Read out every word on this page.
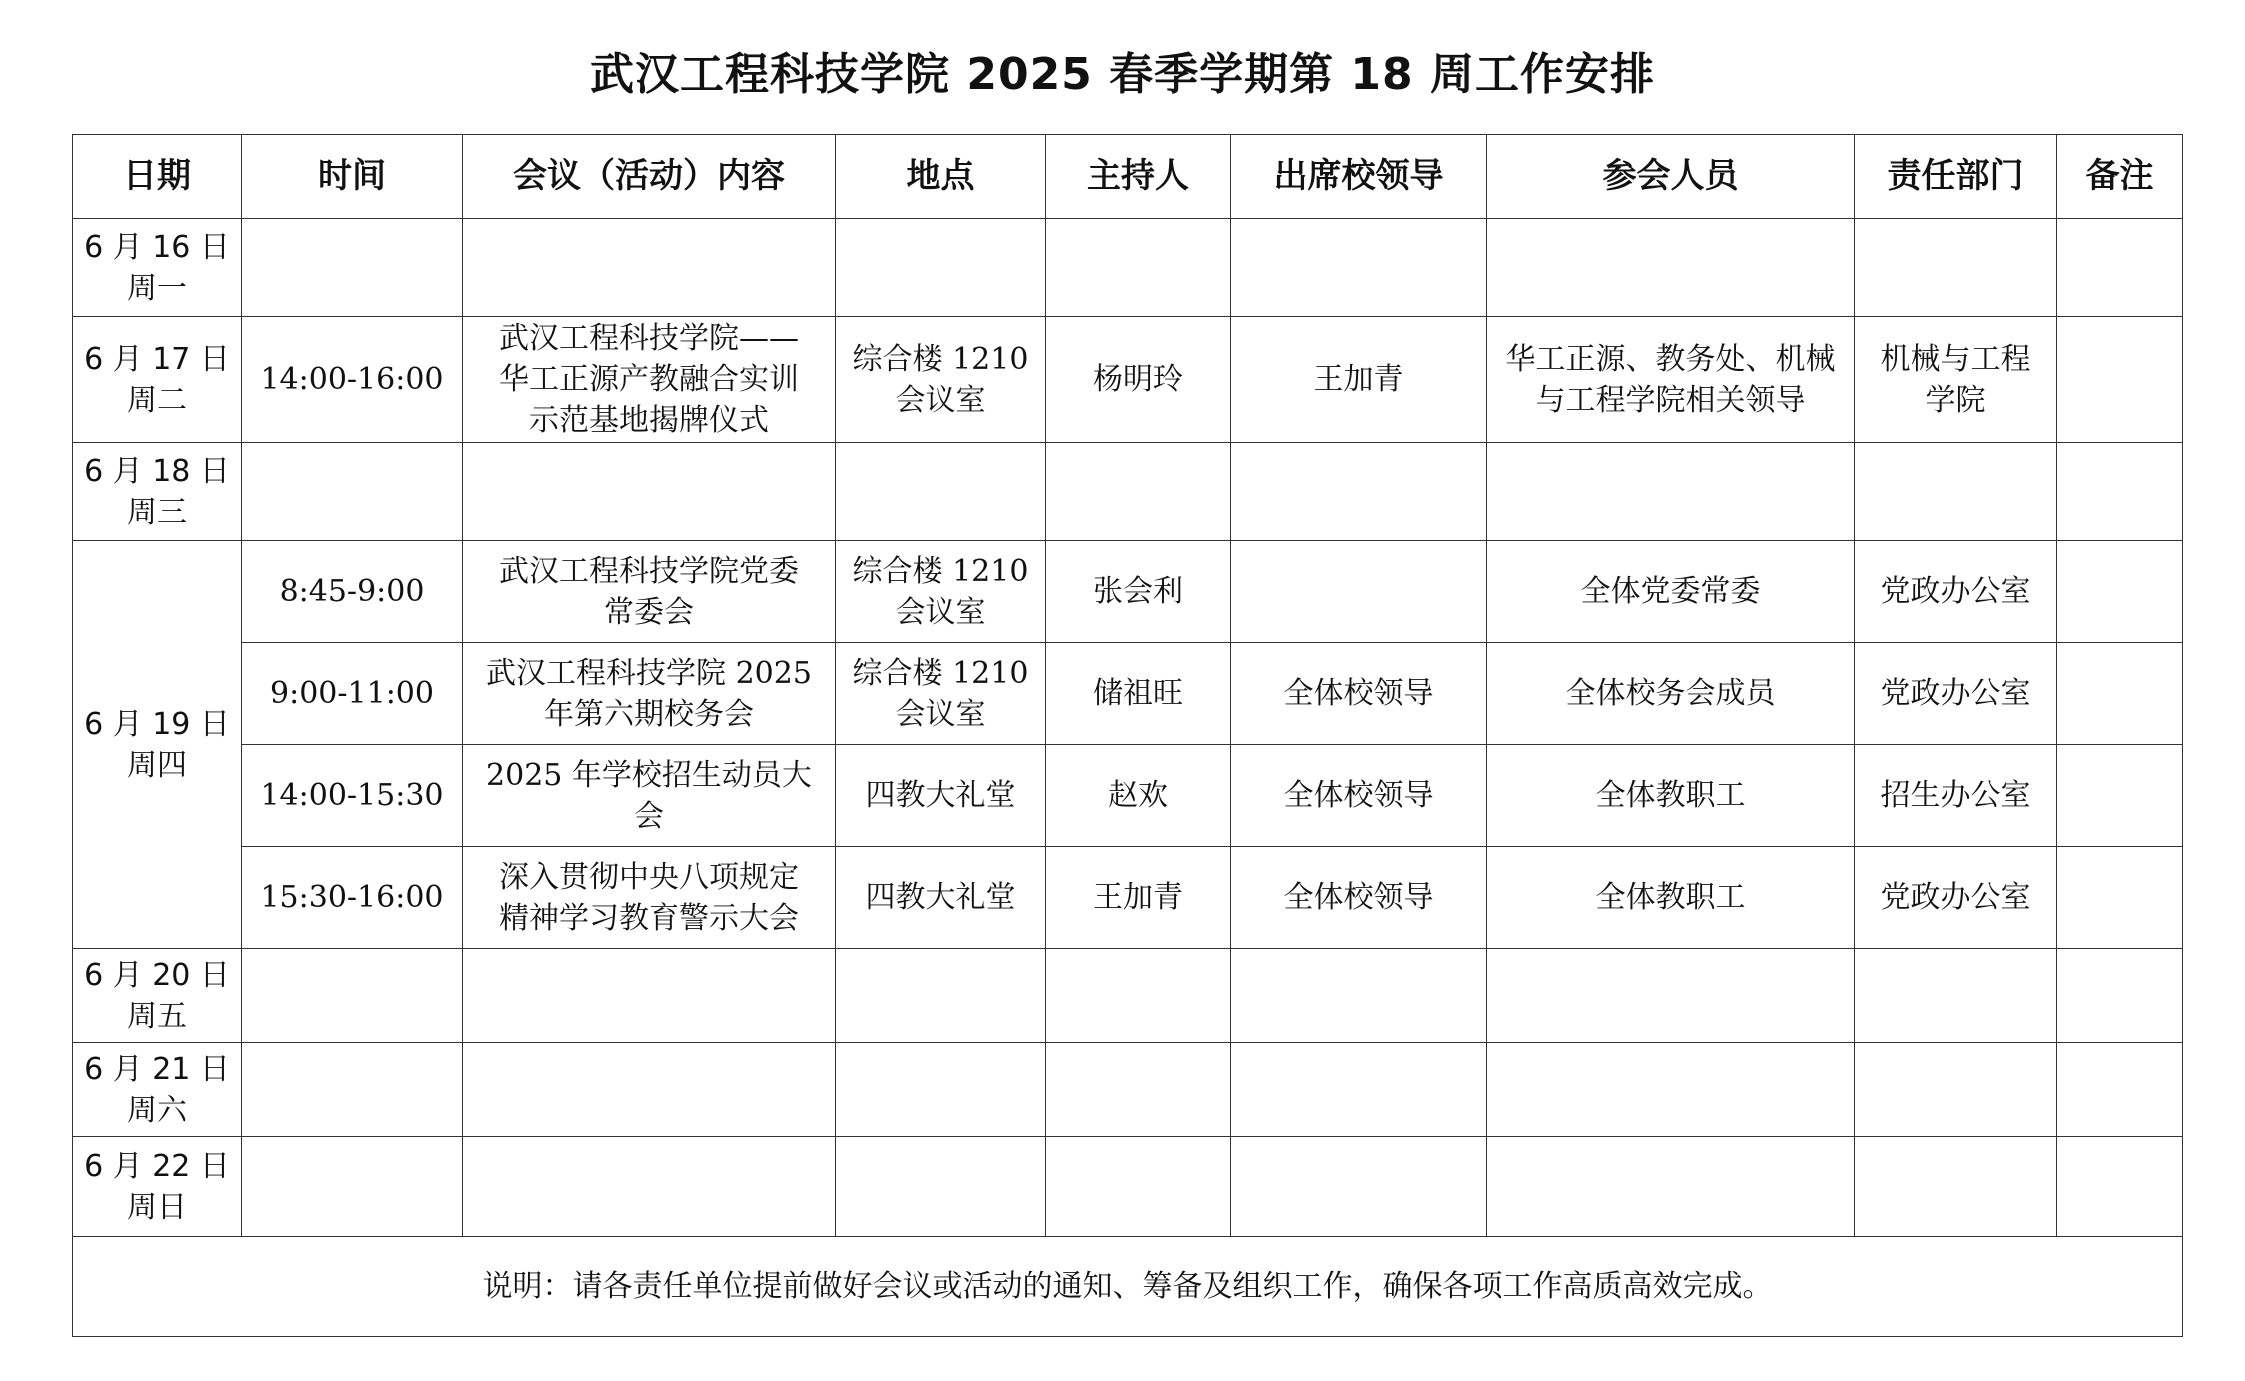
武汉工程科技学院 2025 春季学期第 18 周工作安排
日期	时间	会议（活动）内容	地点	主持人	出席校领导	参会人员	责任部门	备注

6 月 16 日
周一								

6 月 17 日
周二	14:00-16:00	武汉工程科技学院——
华工正源产教融合实训
示范基地揭牌仪式	综合楼 1210
会议室	杨明玲	王加青	华工正源、教务处、机械
与工程学院相关领导	机械与工程
学院	

6 月 18 日
周三								

6 月 19 日
周四	8:45-9:00	武汉工程科技学院党委
常委会	综合楼 1210
会议室	张会利		全体党委常委	党政办公室	
	9:00-11:00	武汉工程科技学院 2025
年第六期校务会	综合楼 1210
会议室	储祖旺	全体校领导	全体校务会成员	党政办公室	
	14:00-15:30	2025 年学校招生动员大
会	四教大礼堂	赵欢	全体校领导	全体教职工	招生办公室	
	15:30-16:00	深入贯彻中央八项规定
精神学习教育警示大会	四教大礼堂	王加青	全体校领导	全体教职工	党政办公室	

6 月 20 日
周五								

6 月 21 日
周六								

6 月 22 日
周日								

说明：请各责任单位提前做好会议或活动的通知、筹备及组织工作，确保各项工作高质高效完成。								
